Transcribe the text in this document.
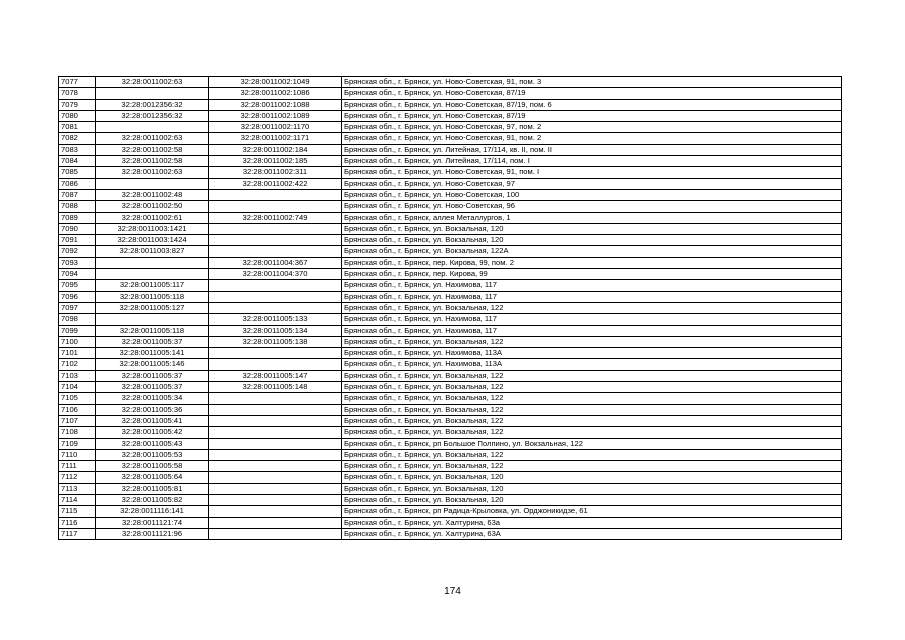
7077	32:28:0011002:63	32:28:0011002:1049	Брянская обл., г. Брянск, ул. Ново-Советская, 91, пом. 3
7078		32:28:0011002:1086	Брянская обл., г. Брянск, ул. Ново-Советская, 87/19
7079	32:28:0012356:32	32:28:0011002:1088	Брянская обл., г. Брянск, ул. Ново-Советская, 87/19, пом. 6
7080	32:28:0012356:32	32:28:0011002:1089	Брянская обл., г. Брянск, ул. Ново-Советская, 87/19
7081		32:28:0011002:1170	Брянская обл., г. Брянск, ул. Ново-Советская, 97, пом. 2
7082	32:28:0011002:63	32:28:0011002:1171	Брянская обл., г. Брянск, ул. Ново-Советская, 91, пом. 2
7083	32:28:0011002:58	32:28:0011002:184	Брянская обл., г. Брянск, ул. Литейная, 17/114, кв. II, пом. II
7084	32:28:0011002:58	32:28:0011002:185	Брянская обл., г. Брянск, ул. Литейная, 17/114, пом. I
7085	32:28:0011002:63	32:28:0011002:311	Брянская обл., г. Брянск, ул. Ново-Советская, 91, пом. I
7086		32:28:0011002:422	Брянская обл., г. Брянск, ул. Ново-Советская, 97
7087	32:28:0011002:48		Брянская обл., г. Брянск, ул. Ново-Советская, 100
7088	32:28:0011002:50		Брянская обл., г. Брянск, ул. Ново-Советская, 96
7089	32:28:0011002:61	32:28:0011002:749	Брянская обл., г. Брянск, аллея Металлургов, 1
7090	32:28:0011003:1421		Брянская обл., г. Брянск, ул. Вокзальная, 120
7091	32:28:0011003:1424		Брянская обл., г. Брянск, ул. Вокзальная, 120
7092	32:28:0011003:827		Брянская обл., г. Брянск, ул. Вокзальная, 122А
7093		32:28:0011004:367	Брянская обл., г. Брянск, пер. Кирова, 99, пом. 2
7094		32:28:0011004:370	Брянская обл., г. Брянск, пер. Кирова, 99
7095	32:28:0011005:117		Брянская обл., г. Брянск, ул. Нахимова, 117
7096	32:28:0011005:118		Брянская обл., г. Брянск, ул. Нахимова, 117
7097	32:28:0011005:127		Брянская обл., г. Брянск, ул. Вокзальная, 122
7098		32:28:0011005:133	Брянская обл., г. Брянск, ул. Нахимова, 117
7099	32:28:0011005:118	32:28:0011005:134	Брянская обл., г. Брянск, ул. Нахимова, 117
7100	32:28:0011005:37	32:28:0011005:138	Брянская обл., г. Брянск, ул. Вокзальная, 122
7101	32:28:0011005:141		Брянская обл., г. Брянск, ул. Нахимова, 113А
7102	32:28:0011005:146		Брянская обл., г. Брянск, ул. Нахимова, 113А
7103	32:28:0011005:37	32:28:0011005:147	Брянская обл., г. Брянск, ул. Вокзальная, 122
7104	32:28:0011005:37	32:28:0011005:148	Брянская обл., г. Брянск, ул. Вокзальная, 122
7105	32:28:0011005:34		Брянская обл., г. Брянск, ул. Вокзальная, 122
7106	32:28:0011005:36		Брянская обл., г. Брянск, ул. Вокзальная, 122
7107	32:28:0011005:41		Брянская обл., г. Брянск, ул. Вокзальная, 122
7108	32:28:0011005:42		Брянская обл., г. Брянск, ул. Вокзальная, 122
7109	32:28:0011005:43		Брянская обл., г. Брянск, рп Большое Полпино, ул. Вокзальная, 122
7110	32:28:0011005:53		Брянская обл., г. Брянск, ул. Вокзальная, 122
7111	32:28:0011005:58		Брянская обл., г. Брянск, ул. Вокзальная, 122
7112	32:28:0011005:64		Брянская обл., г. Брянск, ул. Вокзальная, 120
7113	32:28:0011005:81		Брянская обл., г. Брянск, ул. Вокзальная, 120
7114	32:28:0011005:82		Брянская обл., г. Брянск, ул. Вокзальная, 120
7115	32:28:0011116:141		Брянская обл., г. Брянск, рп Радица-Крыловка, ул. Орджоникидзе, 61
7116	32:28:0011121:74		Брянская обл., г. Брянск, ул. Халтурина, 63а
7117	32:28:0011121:96		Брянская обл., г. Брянск, ул. Халтурина, 63А
174
